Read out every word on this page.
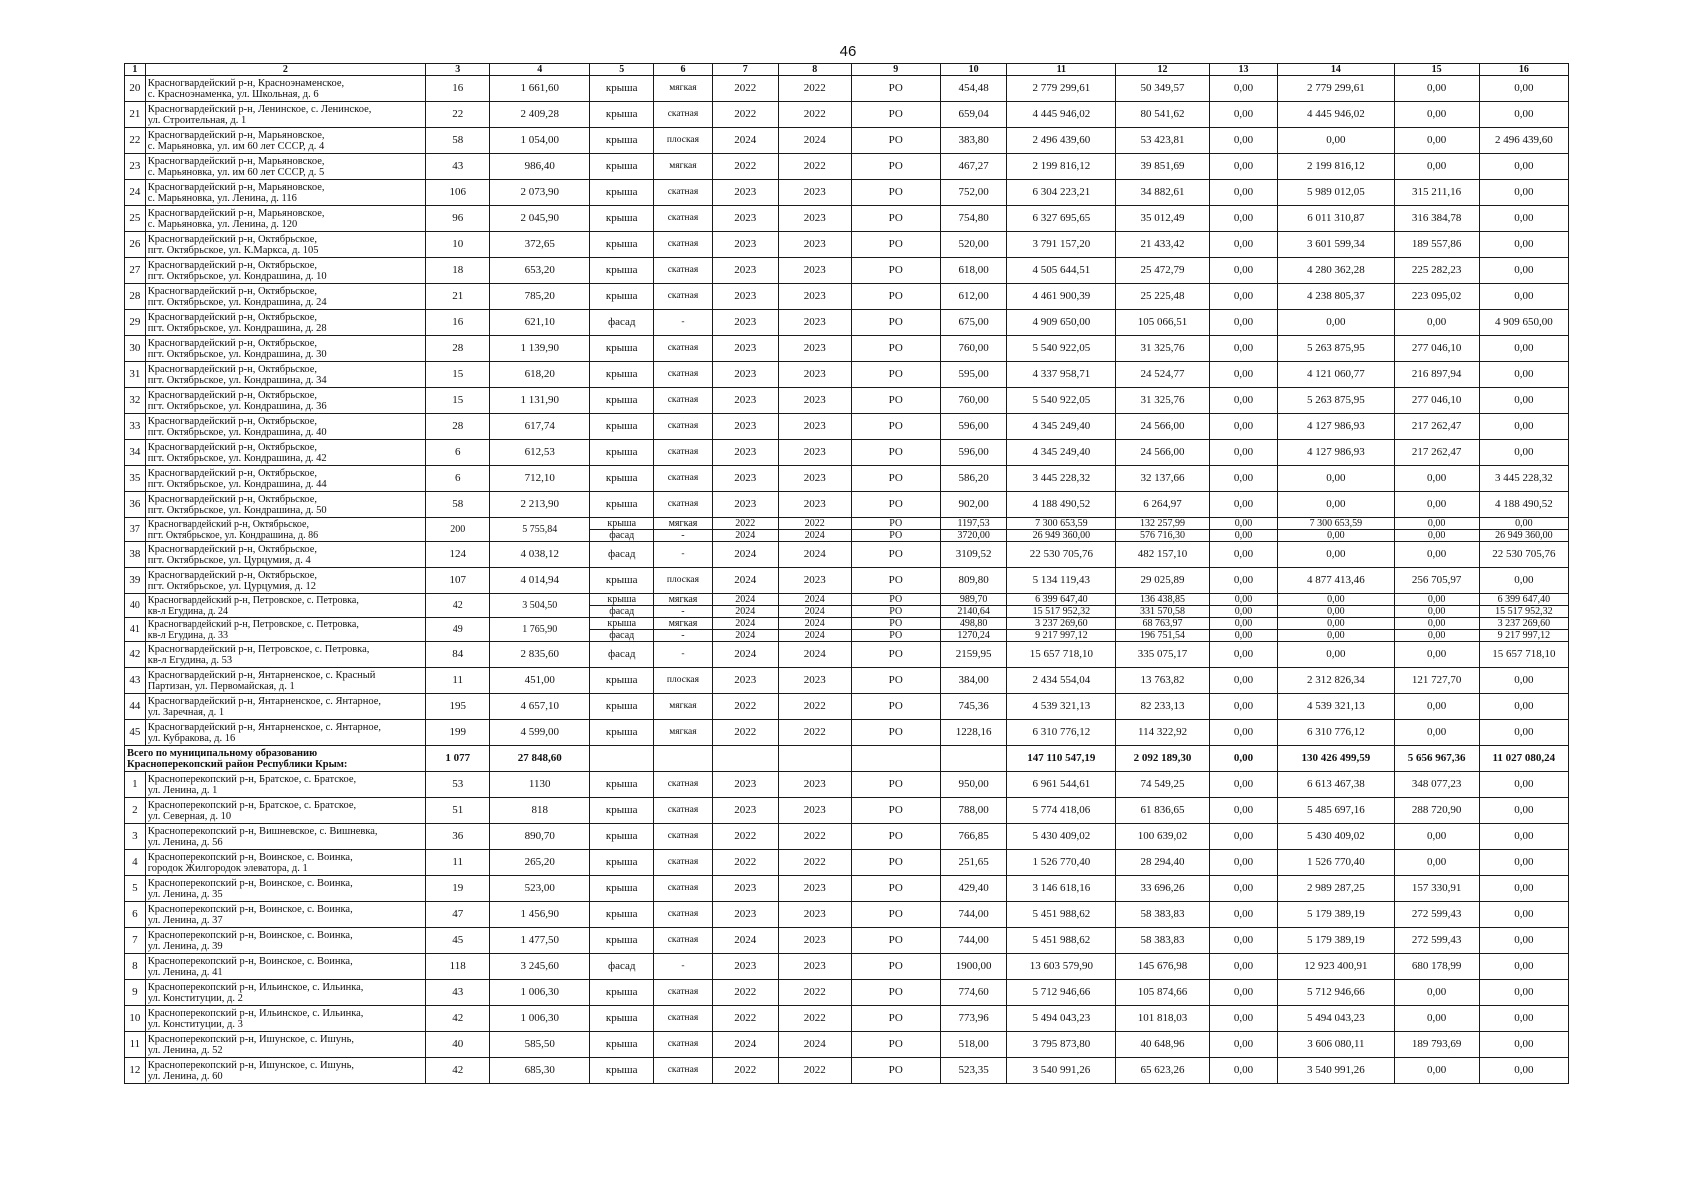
46
1	2	3	4	5	6	7	8	9	10	11	12	13	14	15	16
20	Красногвардейский р-н, Красноэнаменское,
с. Красноэнаменка, ул. Школьная, д. 6	16	1 661,60	крыша	мягкая	2022	2022	РО	454,48	2 779 299,61	50 349,57	0,00	2 779 299,61	0,00	0,00
21	Красногвардейский р-н, Ленинское, с. Ленинское,
ул. Строительная, д. 1	22	2 409,28	крыша	скатная	2022	2022	РО	659,04	4 445 946,02	80 541,62	0,00	4 445 946,02	0,00	0,00
22	Красногвардейский р-н, Марьяновское,
с. Марьяновка, ул. им 60 лет СССР, д. 4	58	1 054,00	крыша	плоская	2024	2024	РО	383,80	2 496 439,60	53 423,81	0,00	0,00	0,00	2 496 439,60
23	Красногвардейский р-н, Марьяновское,
с. Марьяновка, ул. им 60 лет СССР, д. 5	43	986,40	крыша	мягкая	2022	2022	РО	467,27	2 199 816,12	39 851,69	0,00	2 199 816,12	0,00	0,00
24	Красногвардейский р-н, Марьяновское,
с. Марьяновка, ул. Ленина, д. 116	106	2 073,90	крыша	скатная	2023	2023	РО	752,00	6 304 223,21	34 882,61	0,00	5 989 012,05	315 211,16	0,00
25	Красногвардейский р-н, Марьяновское,
с. Марьяновка, ул. Ленина, д. 120	96	2 045,90	крыша	скатная	2023	2023	РО	754,80	6 327 695,65	35 012,49	0,00	6 011 310,87	316 384,78	0,00
26	Красногвардейский р-н, Октябрьское,
пгт. Октябрьское, ул. К.Маркса, д. 105	10	372,65	крыша	скатная	2023	2023	РО	520,00	3 791 157,20	21 433,42	0,00	3 601 599,34	189 557,86	0,00
27	Красногвардейский р-н, Октябрьское,
пгт. Октябрьское, ул. Кондрашина, д. 10	18	653,20	крыша	скатная	2023	2023	РО	618,00	4 505 644,51	25 472,79	0,00	4 280 362,28	225 282,23	0,00
28	Красногвардейский р-н, Октябрьское,
пгт. Октябрьское, ул. Кондрашина, д. 24	21	785,20	крыша	скатная	2023	2023	РО	612,00	4 461 900,39	25 225,48	0,00	4 238 805,37	223 095,02	0,00
29	Красногвардейский р-н, Октябрьское,
пгт. Октябрьское, ул. Кондрашина, д. 28	16	621,10	фасад	-	2023	2023	РО	675,00	4 909 650,00	105 066,51	0,00	0,00	0,00	4 909 650,00
30	Красногвардейский р-н, Октябрьское,
пгт. Октябрьское, ул. Кондрашина, д. 30	28	1 139,90	крыша	скатная	2023	2023	РО	760,00	5 540 922,05	31 325,76	0,00	5 263 875,95	277 046,10	0,00
31	Красногвардейский р-н, Октябрьское,
пгт. Октябрьское, ул. Кондрашина, д. 34	15	618,20	крыша	скатная	2023	2023	РО	595,00	4 337 958,71	24 524,77	0,00	4 121 060,77	216 897,94	0,00
32	Красногвардейский р-н, Октябрьское,
пгт. Октябрьское, ул. Кондрашина, д. 36	15	1 131,90	крыша	скатная	2023	2023	РО	760,00	5 540 922,05	31 325,76	0,00	5 263 875,95	277 046,10	0,00
33	Красногвардейский р-н, Октябрьское,
пгт. Октябрьское, ул. Кондрашина, д. 40	28	617,74	крыша	скатная	2023	2023	РО	596,00	4 345 249,40	24 566,00	0,00	4 127 986,93	217 262,47	0,00
34	Красногвардейский р-н, Октябрьское,
пгт. Октябрьское, ул. Кондрашина, д. 42	6	612,53	крыша	скатная	2023	2023	РО	596,00	4 345 249,40	24 566,00	0,00	4 127 986,93	217 262,47	0,00
35	Красногвардейский р-н, Октябрьское,
пгт. Октябрьское, ул. Кондрашина, д. 44	6	712,10	крыша	скатная	2023	2023	РО	586,20	3 445 228,32	32 137,66	0,00	0,00	0,00	3 445 228,32
36	Красногвардейский р-н, Октябрьское,
пгт. Октябрьское, ул. Кондрашина, д. 50	58	2 213,90	крыша	скатная	2023	2023	РО	902,00	4 188 490,52	6 264,97	0,00	0,00	0,00	4 188 490,52
37	Красногвардейский р-н, Октябрьское,
пгт. Октябрьское, ул. Кондрашина, д. 86	200	5 755,84	крыша	мягкая	2022	2022	РО	1197,53	7 300 653,59	132 257,99	0,00	7 300 653,59	0,00	0,00
				фасад	-	2024	2024	РО	3720,00	26 949 360,00	576 716,30	0,00	0,00	0,00	26 949 360,00
38	Красногвардейский р-н, Октябрьское,
пгт. Октябрьское, ул. Цурцумия, д. 4	124	4 038,12	фасад	-	2024	2024	РО	3109,52	22 530 705,76	482 157,10	0,00	0,00	0,00	22 530 705,76
39	Красногвардейский р-н, Октябрьское,
пгт. Октябрьское, ул. Цурцумия, д. 12	107	4 014,94	крыша	плоская	2024	2023	РО	809,80	5 134 119,43	29 025,89	0,00	4 877 413,46	256 705,97	0,00
40	Красногвардейский р-н, Петровское, с. Петровка,
кв-л Егудина, д. 24	42	3 504,50	крыша	мягкая	2024	2024	РО	989,70	6 399 647,40	136 438,85	0,00	0,00	0,00	6 399 647,40
				фасад	-	2024	2024	РО	2140,64	15 517 952,32	331 570,58	0,00	0,00	0,00	15 517 952,32
41	Красногвардейский р-н, Петровское, с. Петровка,
кв-л Егудина, д. 33	49	1 765,90	крыша	мягкая	2024	2024	РО	498,80	3 237 269,60	68 763,97	0,00	0,00	0,00	3 237 269,60
				фасад	-	2024	2024	РО	1270,24	9 217 997,12	196 751,54	0,00	0,00	0,00	9 217 997,12
42	Красногвардейский р-н, Петровское, с. Петровка,
кв-л Егудина, д. 53	84	2 835,60	фасад	-	2024	2024	РО	2159,95	15 657 718,10	335 075,17	0,00	0,00	0,00	15 657 718,10
43	Красногвардейский р-н, Янтарненское, с. Красный
Партизан, ул. Первомайская, д. 1	11	451,00	крыша	плоская	2023	2023	РО	384,00	2 434 554,04	13 763,82	0,00	2 312 826,34	121 727,70	0,00
44	Красногвардейский р-н, Янтарненское, с. Янтарное,
ул. Заречная, д. 1	195	4 657,10	крыша	мягкая	2022	2022	РО	745,36	4 539 321,13	82 233,13	0,00	4 539 321,13	0,00	0,00
45	Красногвардейский р-н, Янтарненское, с. Янтарное,
ул. Кубракова, д. 16	199	4 599,00	крыша	мягкая	2022	2022	РО	1228,16	6 310 776,12	114 322,92	0,00	6 310 776,12	0,00	0,00

Всего по муниципальному образованию
Красноперекопский район Республики Крым:		1 077	27 848,60							147 110 547,19	2 092 189,30	0,00	130 426 499,59	5 656 967,36	11 027 080,24
1	Красноперекопский р-н, Братское, с. Братское,
ул. Ленина, д. 1	53	1130	крыша	скатная	2023	2023	РО	950,00	6 961 544,61	74 549,25	0,00	6 613 467,38	348 077,23	0,00
2	Красноперекопский р-н, Братское, с. Братское,
ул. Северная, д. 10	51	818	крыша	скатная	2023	2023	РО	788,00	5 774 418,06	61 836,65	0,00	5 485 697,16	288 720,90	0,00
3	Красноперекопский р-н, Вишневское, с. Вишневка,
ул. Ленина, д. 56	36	890,70	крыша	скатная	2022	2022	РО	766,85	5 430 409,02	100 639,02	0,00	5 430 409,02	0,00	0,00
4	Красноперекопский р-н, Воинское, с. Воинка,
городок Жилгородок элеватора, д. 1	11	265,20	крыша	скатная	2022	2022	РО	251,65	1 526 770,40	28 294,40	0,00	1 526 770,40	0,00	0,00
5	Красноперекопский р-н, Воинское, с. Воинка,
ул. Ленина, д. 35	19	523,00	крыша	скатная	2023	2023	РО	429,40	3 146 618,16	33 696,26	0,00	2 989 287,25	157 330,91	0,00
6	Красноперекопский р-н, Воинское, с. Воинка,
ул. Ленина, д. 37	47	1 456,90	крыша	скатная	2023	2023	РО	744,00	5 451 988,62	58 383,83	0,00	5 179 389,19	272 599,43	0,00
7	Красноперекопский р-н, Воинское, с. Воинка,
ул. Ленина, д. 39	45	1 477,50	крыша	скатная	2024	2023	РО	744,00	5 451 988,62	58 383,83	0,00	5 179 389,19	272 599,43	0,00
8	Красноперекопский р-н, Воинское, с. Воинка,
ул. Ленина, д. 41	118	3 245,60	фасад	-	2023	2023	РО	1900,00	13 603 579,90	145 676,98	0,00	12 923 400,91	680 178,99	0,00
9	Красноперекопский р-н, Ильинское, с. Ильинка,
ул. Конституции, д. 2	43	1 006,30	крыша	скатная	2022	2022	РО	774,60	5 712 946,66	105 874,66	0,00	5 712 946,66	0,00	0,00
10	Красноперекопский р-н, Ильинское, с. Ильинка,
ул. Конституции, д. 3	42	1 006,30	крыша	скатная	2022	2022	РО	773,96	5 494 043,23	101 818,03	0,00	5 494 043,23	0,00	0,00
11	Красноперекопский р-н, Ишунское, с. Ишунь,
ул. Ленина, д. 52	40	585,50	крыша	скатная	2024	2024	РО	518,00	3 795 873,80	40 648,96	0,00	3 606 080,11	189 793,69	0,00
12	Красноперекопский р-н, Ишунское, с. Ишунь,
ул. Ленина, д. 60	42	685,30	крыша	скатная	2022	2022	РО	523,35	3 540 991,26	65 623,26	0,00	3 540 991,26	0,00	0,00
